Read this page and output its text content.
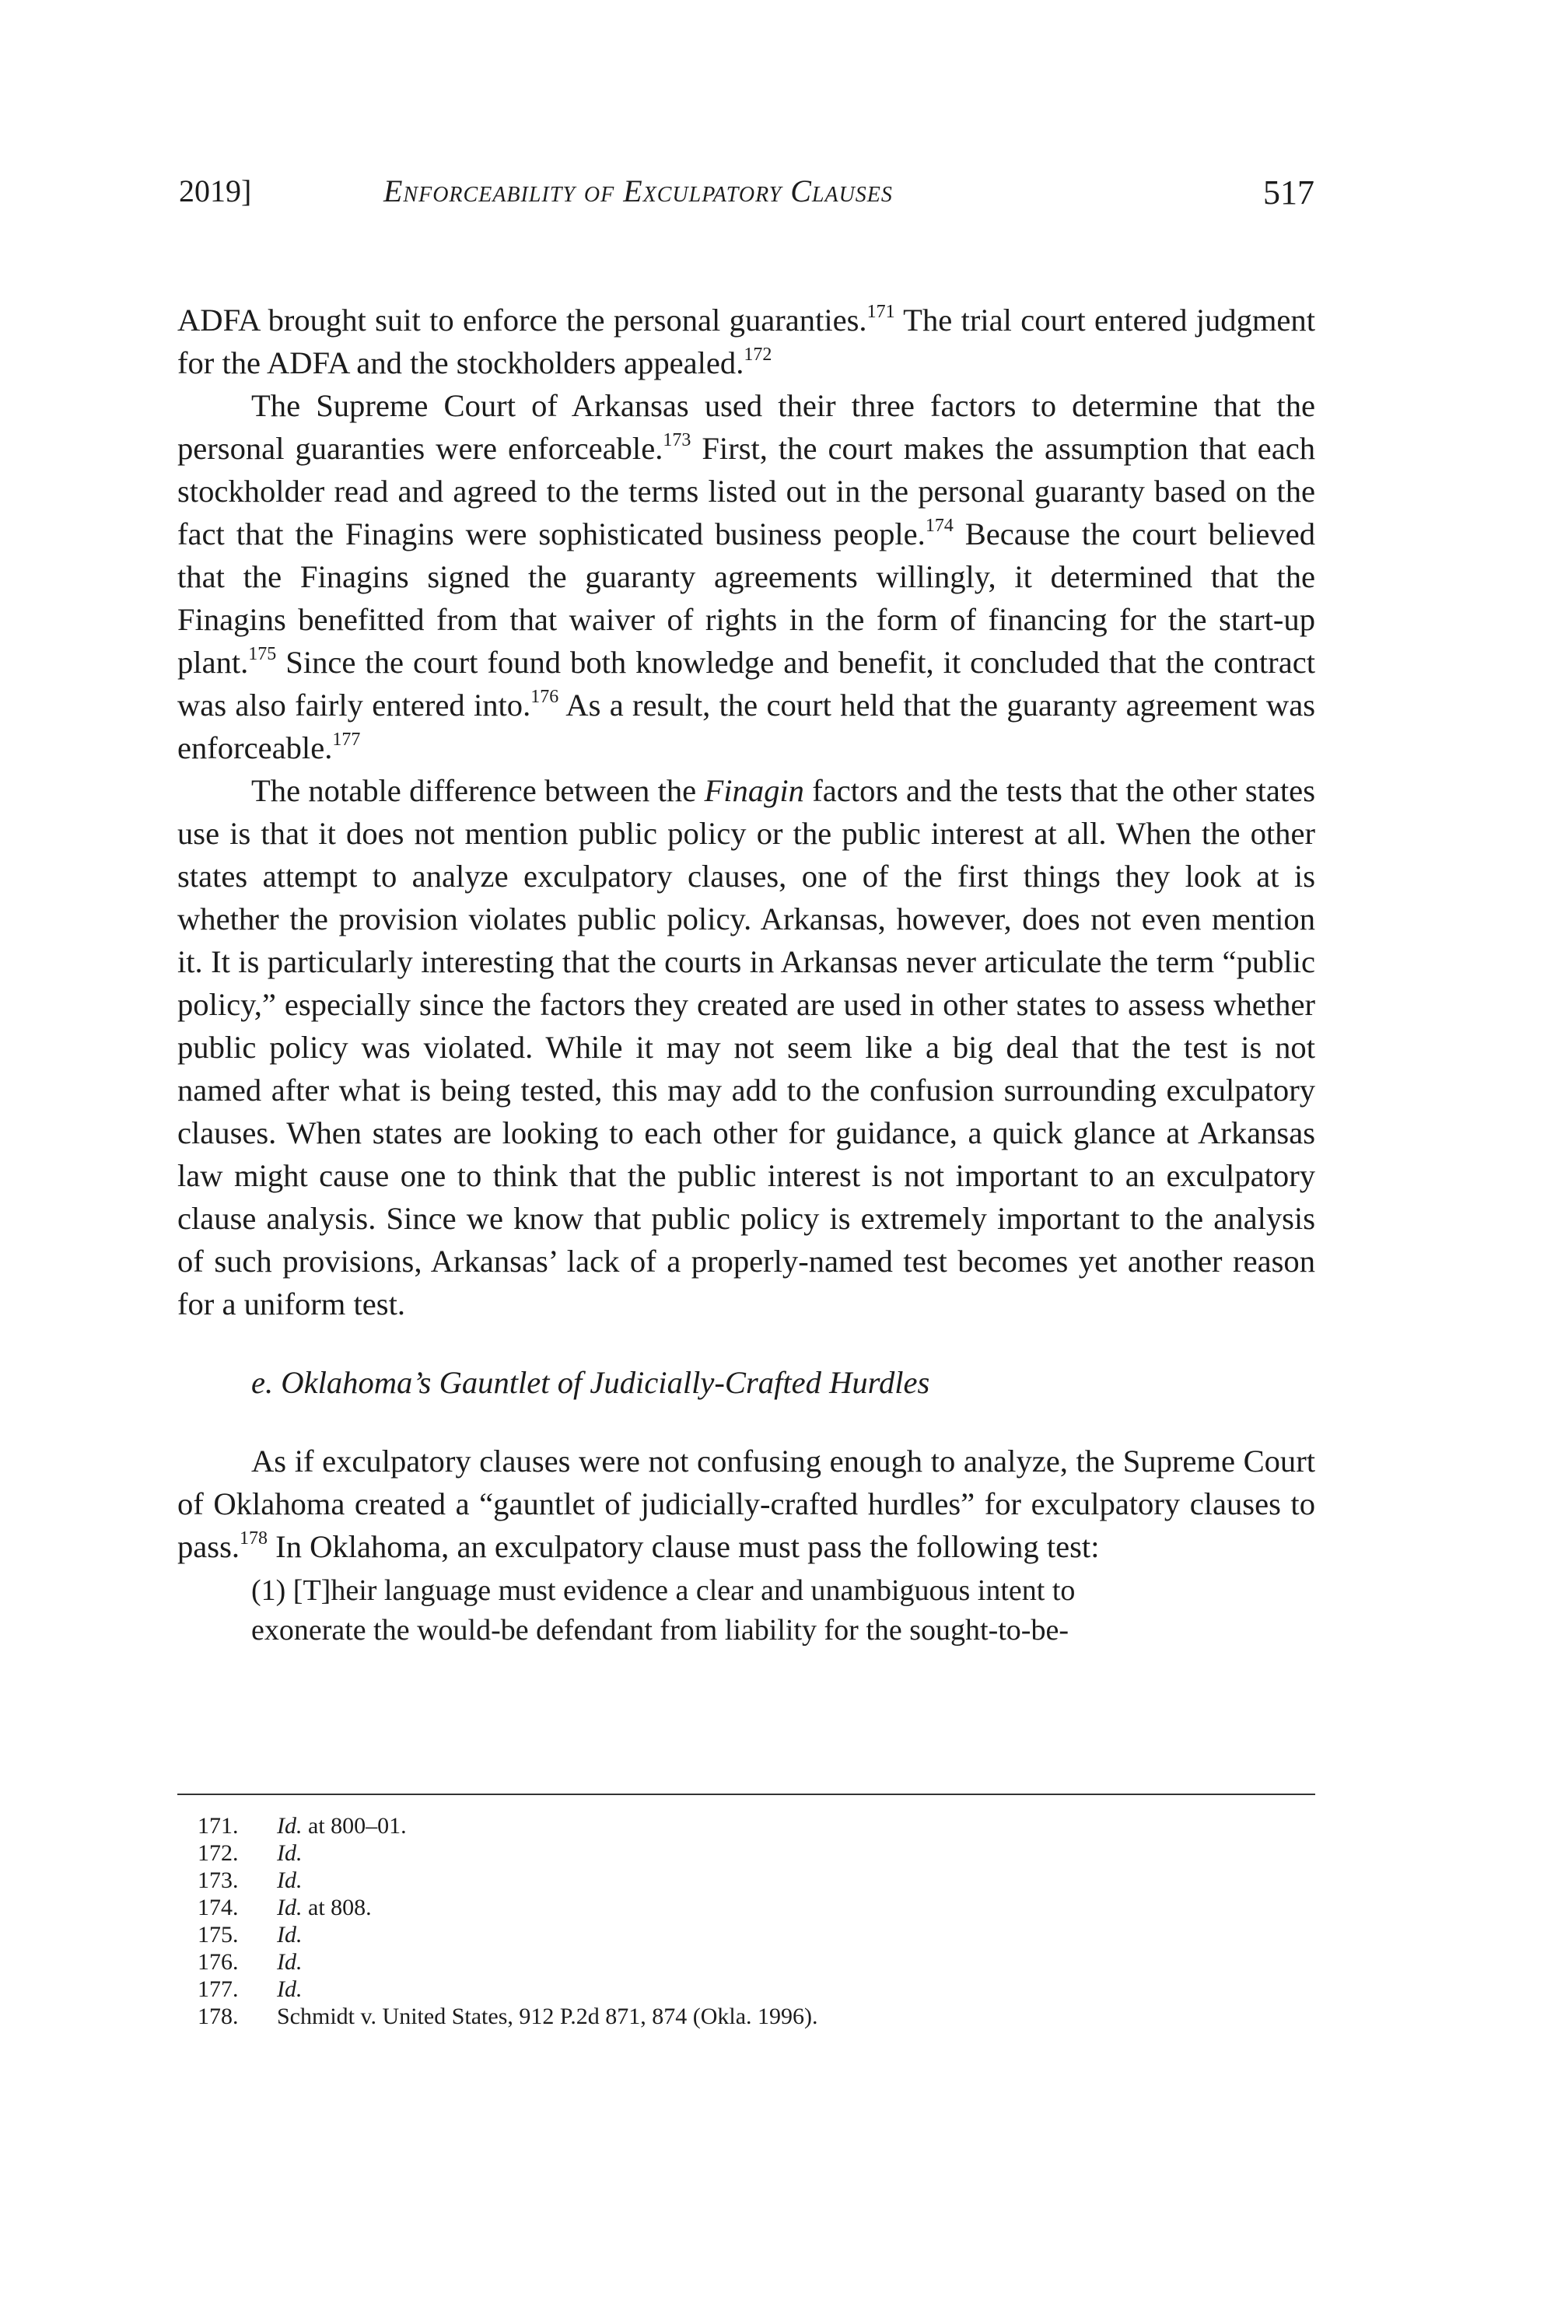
2019]	Enforceability of Exculpatory Clauses	517

ADFA brought suit to enforce the personal guaranties.$^{171}$ The trial court entered judgment for the ADFA and the stockholders appealed.$^{172}$

The Supreme Court of Arkansas used their three factors to determine that the personal guaranties were enforceable.$^{173}$ First, the court makes the assumption that each stockholder read and agreed to the terms listed out in the personal guaranty based on the fact that the Finagins were sophisticated business people.$^{174}$ Because the court believed that the Finagins signed the guaranty agreements willingly, it determined that the Finagins benefitted from that waiver of rights in the form of financing for the start-up plant.$^{175}$ Since the court found both knowledge and benefit, it concluded that the contract was also fairly entered into.$^{176}$ As a result, the court held that the guaranty agreement was enforceable.$^{177}$

The notable difference between the Finagin factors and the tests that the other states use is that it does not mention public policy or the public interest at all. When the other states attempt to analyze exculpatory clauses, one of the first things they look at is whether the provision violates public policy. Arkansas, however, does not even mention it. It is particularly interesting that the courts in Arkansas never articulate the term “public policy,” especially since the factors they created are used in other states to assess whether public policy was violated. While it may not seem like a big deal that the test is not named after what is being tested, this may add to the confusion surrounding exculpatory clauses. When states are looking to each other for guidance, a quick glance at Arkansas law might cause one to think that the public interest is not important to an exculpatory clause analysis. Since we know that public policy is extremely important to the analysis of such provisions, Arkansas’ lack of a properly-named test becomes yet another reason for a uniform test.

e. Oklahoma’s Gauntlet of Judicially-Crafted Hurdles

As if exculpatory clauses were not confusing enough to analyze, the Supreme Court of Oklahoma created a “gauntlet of judicially-crafted hurdles” for exculpatory clauses to pass.$^{178}$ In Oklahoma, an exculpatory clause must pass the following test:

(1) [T]heir language must evidence a clear and unambiguous intent to
exonerate the would-be defendant from liability for the sought-to-be-
171. Id. at 800–01.
172. Id.
173. Id.
174. Id. at 808.
175. Id.
176. Id.
177. Id.
178. Schmidt v. United States, 912 P.2d 871, 874 (Okla. 1996).
